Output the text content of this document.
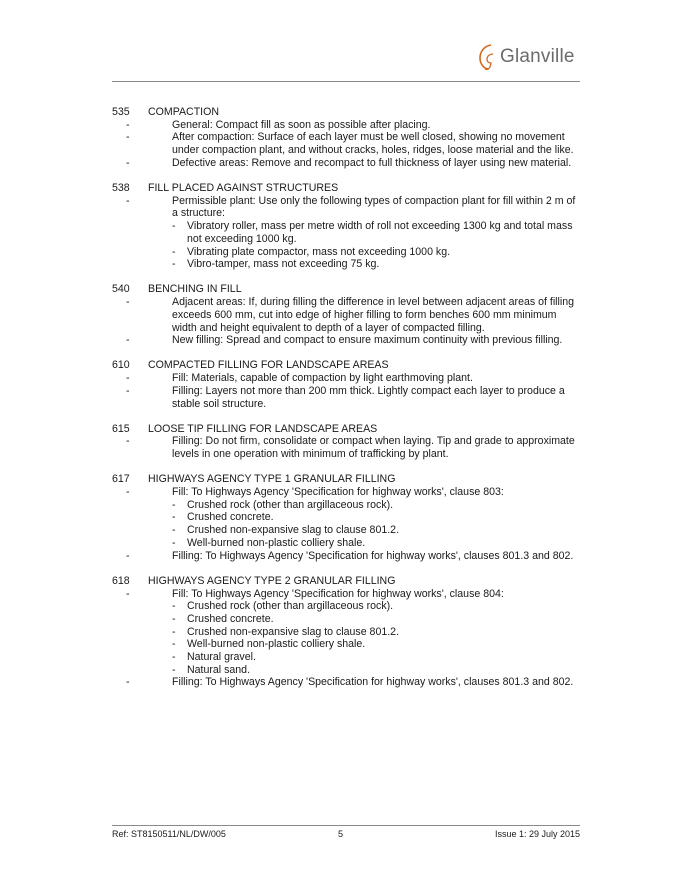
Glanville
535	COMPACTION
- General: Compact fill as soon as possible after placing.
- After compaction: Surface of each layer must be well closed, showing no movement under compaction plant, and without cracks, holes, ridges, loose material and the like.
- Defective areas: Remove and recompact to full thickness of layer using new material.
538	FILL PLACED AGAINST STRUCTURES
- Permissible plant: Use only the following types of compaction plant for fill within 2 m of a structure:
- Vibratory roller, mass per metre width of roll not exceeding 1300 kg and total mass not exceeding 1000 kg.
- Vibrating plate compactor, mass not exceeding 1000 kg.
- Vibro-tamper, mass not exceeding 75 kg.
540	BENCHING IN FILL
- Adjacent areas: If, during filling the difference in level between adjacent areas of filling exceeds 600 mm, cut into edge of higher filling to form benches 600 mm minimum width and height equivalent to depth of a layer of compacted filling.
- New filling: Spread and compact to ensure maximum continuity with previous filling.
610	COMPACTED FILLING FOR LANDSCAPE AREAS
- Fill: Materials, capable of compaction by light earthmoving plant.
- Filling: Layers not more than 200 mm thick. Lightly compact each layer to produce a stable soil structure.
615	LOOSE TIP FILLING FOR LANDSCAPE AREAS
- Filling: Do not firm, consolidate or compact when laying. Tip and grade to approximate levels in one operation with minimum of trafficking by plant.
617	HIGHWAYS AGENCY TYPE 1 GRANULAR FILLING
- Fill: To Highways Agency 'Specification for highway works', clause 803:
- Crushed rock (other than argillaceous rock).
- Crushed concrete.
- Crushed non-expansive slag to clause 801.2.
- Well-burned non-plastic colliery shale.
- Filling: To Highways Agency 'Specification for highway works', clauses 801.3 and 802.
618	HIGHWAYS AGENCY TYPE 2 GRANULAR FILLING
- Fill: To Highways Agency 'Specification for highway works', clause 804:
- Crushed rock (other than argillaceous rock).
- Crushed concrete.
- Crushed non-expansive slag to clause 801.2.
- Well-burned non-plastic colliery shale.
- Natural gravel.
- Natural sand.
- Filling: To Highways Agency 'Specification for highway works', clauses 801.3 and 802.
Ref: ST8150511/NL/DW/005	5	Issue 1: 29 July 2015
